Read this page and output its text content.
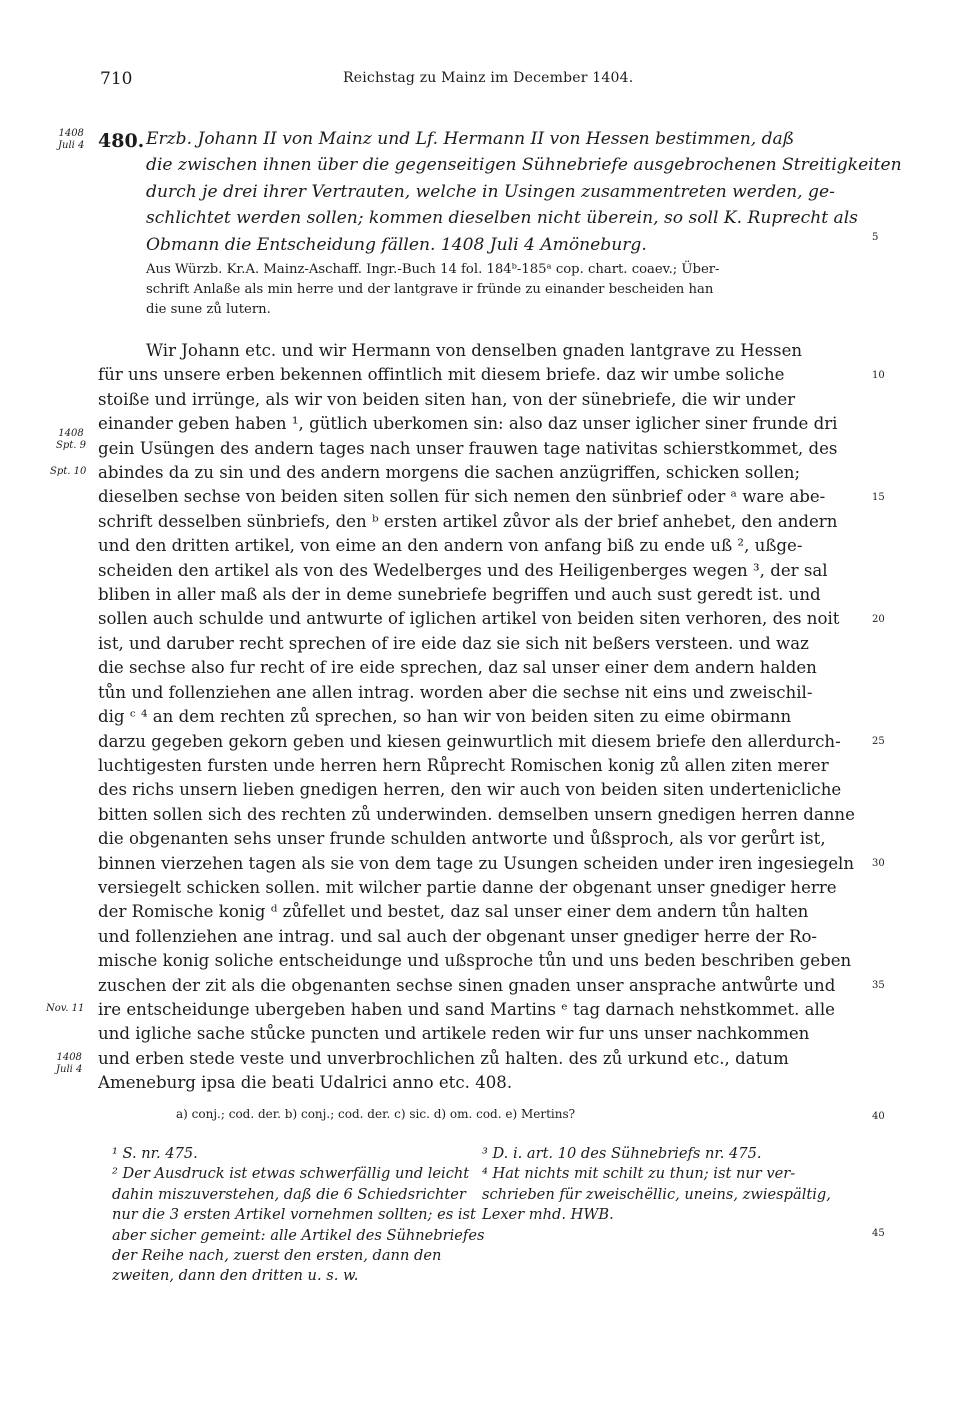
710	Reichstag zu Mainz im December 1404.
1408
Juli 4 480. Erzb. Johann II von Mainz und Lf. Hermann II von Hessen bestimmen, daß

die zwischen ihnen über die gegenseitigen Sühnebriefe ausgebrochenen Streitigkeiten

durch je drei ihrer Vertrauten, welche in Usingen zusammentreten werden, ge-

schlichtet werden sollen; kommen dieselben nicht überein, so soll K. Ruprecht als

Obmann die Entscheidung fällen. 1408 Juli 4 Amöneburg.

Aus Würzb. Kr.A. Mainz-Aschaff. Ingr.-Buch 14 fol. 184ᵇ-185ᵃ cop. chart. coaev.; Über-

schrift Anlaße als min herre und der lantgrave ir fründe zu einander bescheiden han

die sune zů lutern.

5
10
15
20
25
30
35
40
45
1408
Spt. 9
Spt. 10
Nov. 11
1408
Juli 4

Wir Johann etc. und wir Hermann von denselben gnaden lantgrave zu Hessen

für uns unsere erben bekennen offintlich mit diesem briefe. daz wir umbe soliche

stoiße und irrünge, als wir von beiden siten han, von der sünebriefe, die wir under

einander geben haben ¹, gütlich uberkomen sin: also daz unser iglicher siner frunde dri

gein Usüngen des andern tages nach unser frauwen tage nativitas schierstkommet, des

abindes da zu sin und des andern morgens die sachen anzügriffen, schicken sollen;

dieselben sechse von beiden siten sollen für sich nemen den sünbrief oder ᵃ ware abe-

schrift desselben sünbriefs, den ᵇ ersten artikel zůvor als der brief anhebet, den andern

und den dritten artikel, von eime an den andern von anfang biß zu ende uß ², ußge-

scheiden den artikel als von des Wedelberges und des Heiligenberges wegen ³, der sal

bliben in aller maß als der in deme sunebriefe begriffen und auch sust geredt ist. und

sollen auch schulde und antwurte of iglichen artikel von beiden siten verhoren, des noit

ist, und daruber recht sprechen of ire eide daz sie sich nit beßers versteen. und waz

die sechse also fur recht of ire eide sprechen, daz sal unser einer dem andern halden

tůn und follenziehen ane allen intrag. worden aber die sechse nit eins und zweischil-

dig ᶜ ⁴ an dem rechten zů sprechen, so han wir von beiden siten zu eime obirmann

darzu gegeben gekorn geben und kiesen geinwurtlich mit diesem briefe den allerdurch-

luchtigesten fursten unde herren hern Růprecht Romischen konig zů allen ziten merer

des richs unsern lieben gnedigen herren, den wir auch von beiden siten undertenicliche

bitten sollen sich des rechten zů underwinden. demselben unsern gnedigen herren danne

die obgenanten sehs unser frunde schulden antworte und ůßsproch, als vor gerůrt ist,

binnen vierzehen tagen als sie von dem tage zu Usungen scheiden under iren ingesiegeln

versiegelt schicken sollen. mit wilcher partie danne der obgenant unser gnediger herre

der Romische konig ᵈ zůfellet und bestet, daz sal unser einer dem andern tůn halten

und follenziehen ane intrag. und sal auch der obgenant unser gnediger herre der Ro-

mische konig soliche entscheidunge und ußsproche tůn und uns beden beschriben geben

zuschen der zit als die obgenanten sechse sinen gnaden unser ansprache antwůrte und

ire entscheidunge ubergeben haben und sand Martins ᵉ tag darnach nehstkommet. alle

und igliche sache stůcke puncten und artikele reden wir fur uns unser nachkommen

und erben stede veste und unverbrochlichen zů halten. des zů urkund etc., datum

Ameneburg ipsa die beati Udalrici anno etc. 408.

a) conj.; cod. der. b) conj.; cod. der. c) sic. d) om. cod. e) Mertins?

¹ S. nr. 475.

² Der Ausdruck ist etwas schwerfällig und leicht

dahin miszuverstehen, daß die 6 Schiedsrichter

nur die 3 ersten Artikel vornehmen sollten; es ist

aber sicher gemeint: alle Artikel des Sühnebriefes

der Reihe nach, zuerst den ersten, dann den

zweiten, dann den dritten u. s. w.

³ D. i. art. 10 des Sühnebriefs nr. 475.

⁴ Hat nichts mit schilt zu thun; ist nur ver-

schrieben für zweischëllic, uneins, zwiespältig,

Lexer mhd. HWB.
